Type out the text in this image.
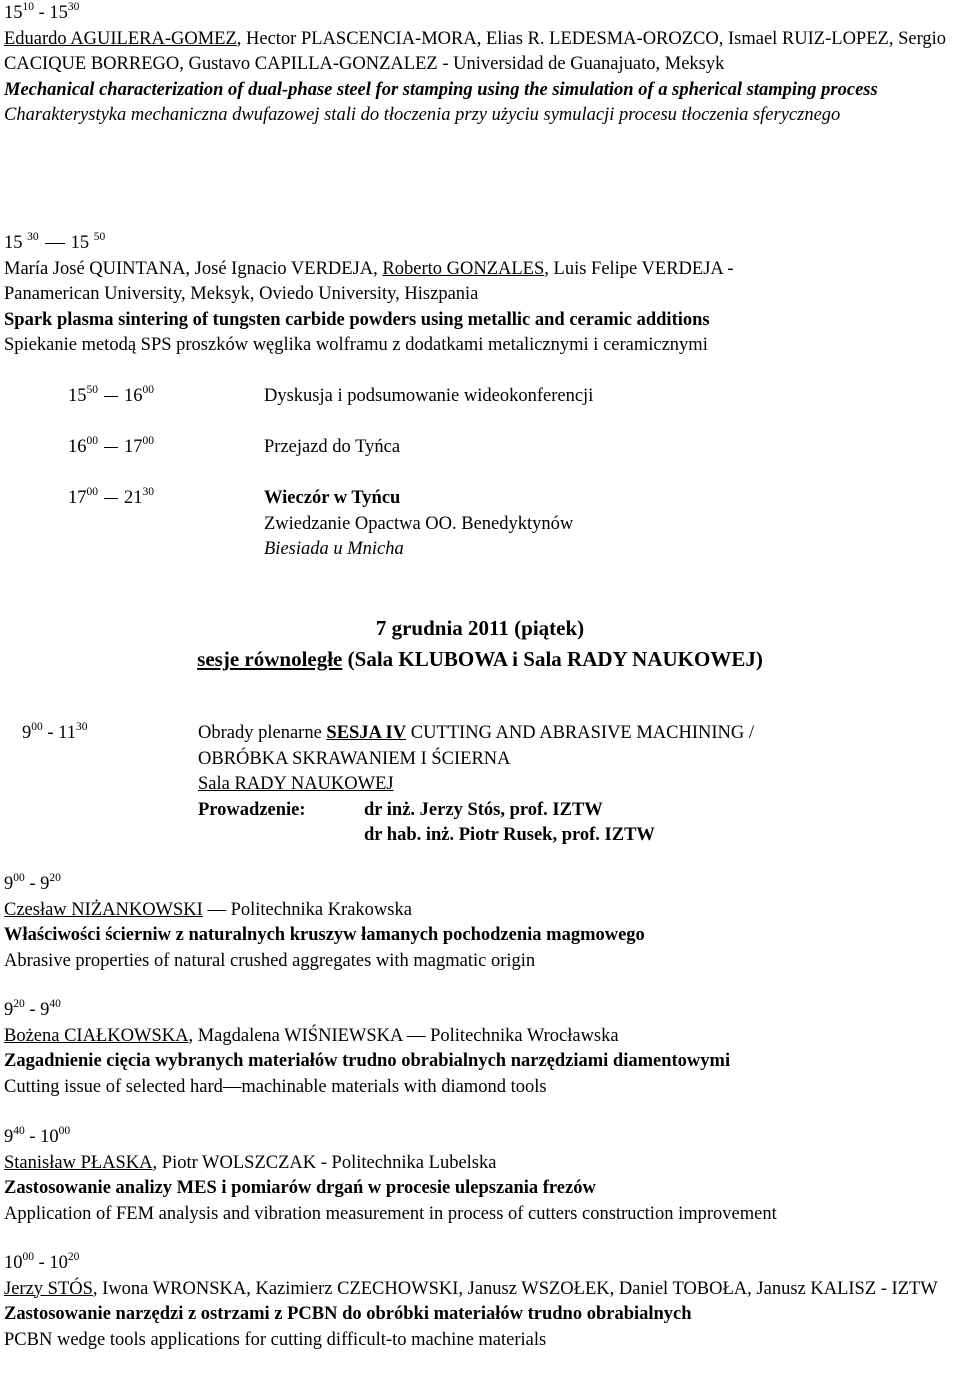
$15^{10} - 15^{30}$
Eduardo AGUILERA-GOMEZ, Hector PLASCENCIA-MORA, Elias R. LEDESMA-OROZCO, Ismael RUIZ-LOPEZ, Sergio CACIQUE BORREGO, Gustavo CAPILLA-GONZALEZ - Universidad de Guanajuato, Meksyk
Mechanical characterization of dual-phase steel for stamping using the simulation of a spherical stamping process
Charakterystyka mechaniczna dwufazowej stali do tłoczenia przy użyciu symulacji procesu tłoczenia sferycznego
15 $^{30}$ 15 $^{50}$
María José QUINTANA, José Ignacio VERDEJA, Roberto GONZALES, Luis Felipe VERDEJA -
Panamerican University, Meksyk, Oviedo University, Hiszpania
Spark plasma sintering of tungsten carbide powders using metallic and ceramic additions
Spiekanie metodą SPS proszków węglika wolframu z dodatkami metalicznymi i ceramicznymi
$15^{50}$ $16^{00}$	Dyskusja i podsumowanie wideokonferencji
$16^{00}$ $17^{00}$	Przejazd do Tyńca
$17^{00}$ $21^{30}$	Wieczór w Tyńcu
Zwiedzanie Opactwa OO. Benedyktynów
Biesiada u Mnicha
7 grudnia 2011 (piątek)
sesje równoległe (Sala KLUBOWA i Sala RADY NAUKOWEJ)
$9^{00} - 11^{30}$	Obrady plenarne SESJA IV CUTTING AND ABRASIVE MACHINING /
OBRÓBKA SKRAWANIEM I ŚCIERNA
Sala RADY NAUKOWEJ
Prowadzenie:	dr inż. Jerzy Stós, prof. IZTW
dr hab. inż. Piotr Rusek, prof. IZTW
$9^{00} - 9^{20}$
Czesław NIŻANKOWSKI — Politechnika Krakowska
Właściwości ścierniw z naturalnych kruszyw łamanych pochodzenia magmowego
Abrasive properties of natural crushed aggregates with magmatic origin
$9^{20} - 9^{40}$
Bożena CIAŁKOWSKA, Magdalena WIŚNIEWSKA — Politechnika Wrocławska
Zagadnienie cięcia wybranych materiałów trudno obrabialnych narzędziami diamentowymi
Cutting issue of selected hard—machinable materials with diamond tools
$9^{40} - 10^{00}$
Stanisław PŁASKA, Piotr WOLSZCZAK - Politechnika Lubelska
Zastosowanie analizy MES i pomiarów drgań w procesie ulepszania frezów
Application of FEM analysis and vibration measurement in process of cutters construction improvement
$10^{00} - 10^{20}$
Jerzy STÓS, Iwona WRONSKA, Kazimierz CZECHOWSKI, Janusz WSZOŁEK, Daniel TOBOŁA, Janusz KALISZ - IZTW
Zastosowanie narzędzi z ostrzami z PCBN do obróbki materiałów trudno obrabialnych
PCBN wedge tools applications for cutting difficult-to machine materials
